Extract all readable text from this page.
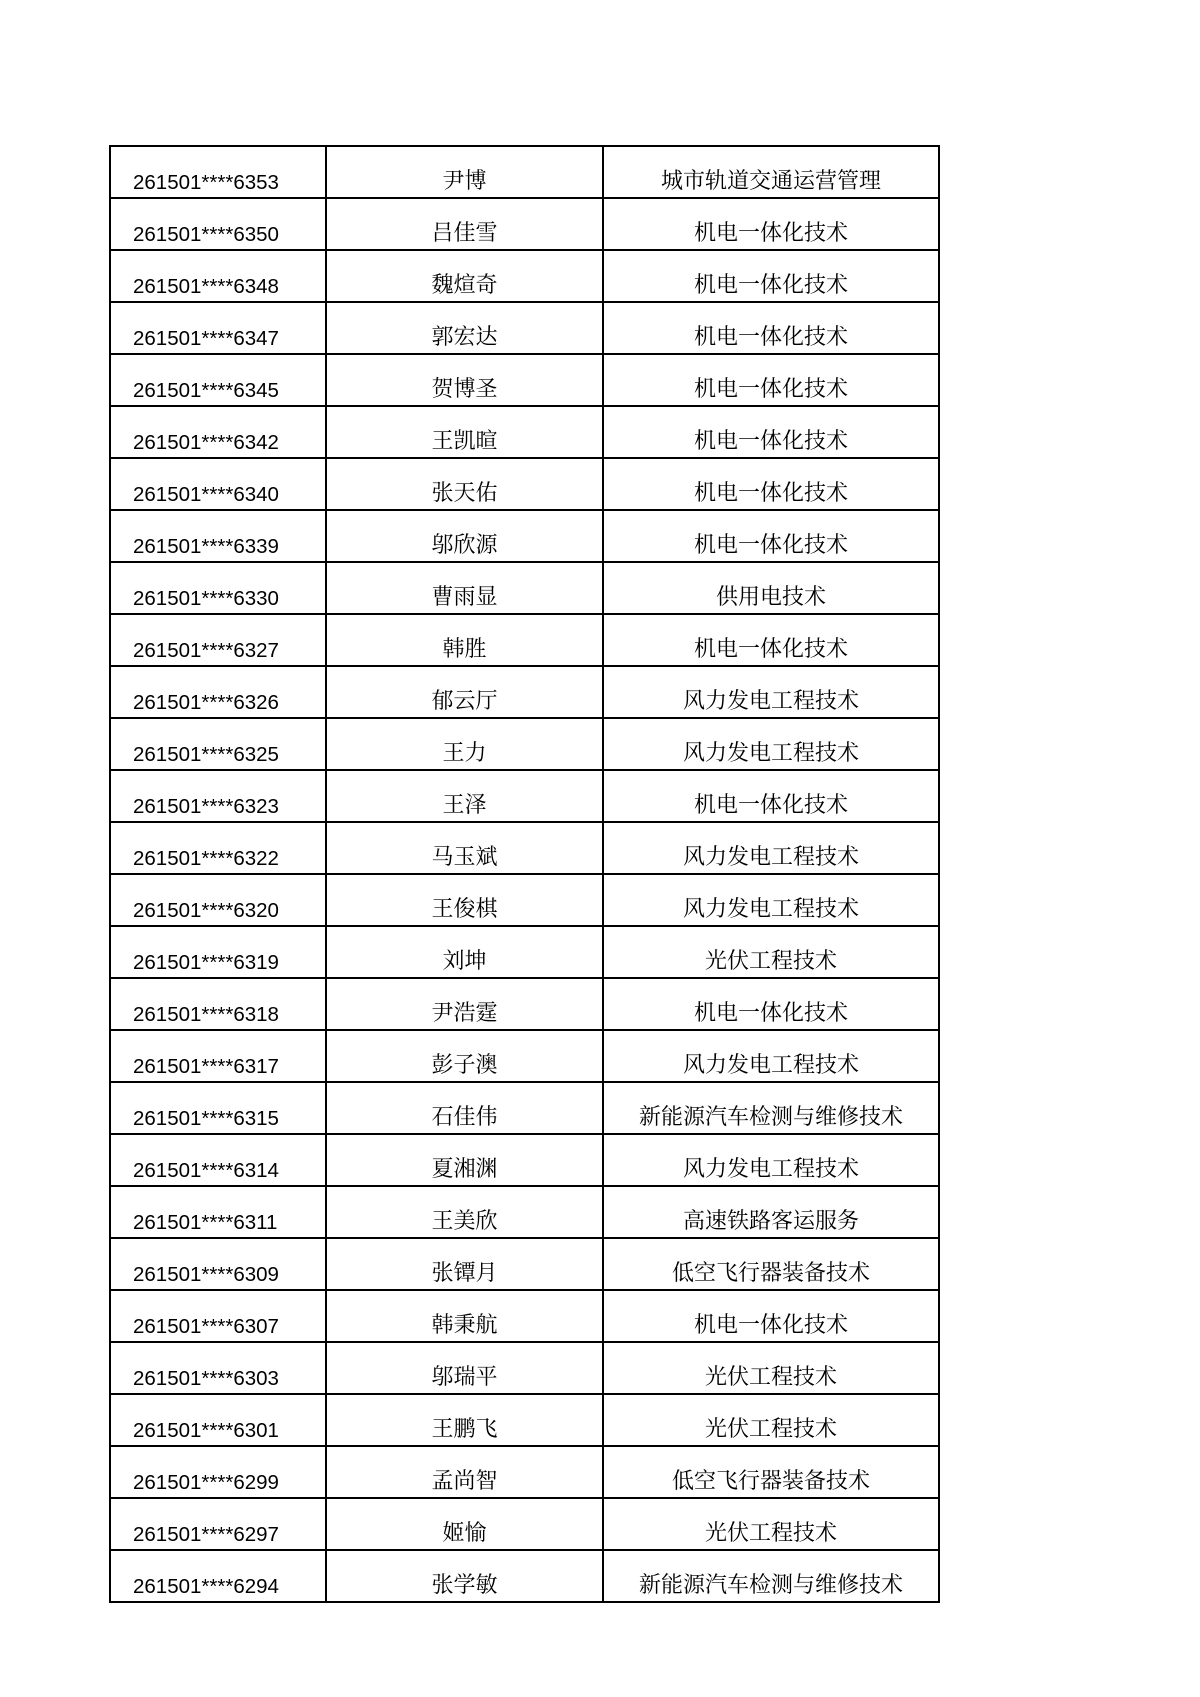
261501****6353	尹博	城市轨道交通运营管理
261501****6350	吕佳雪	机电一体化技术
261501****6348	魏煊奇	机电一体化技术
261501****6347	郭宏达	机电一体化技术
261501****6345	贺博圣	机电一体化技术
261501****6342	王凯暄	机电一体化技术
261501****6340	张天佑	机电一体化技术
261501****6339	邬欣源	机电一体化技术
261501****6330	曹雨显	供用电技术
261501****6327	韩胜	机电一体化技术
261501****6326	郁云厅	风力发电工程技术
261501****6325	王力	风力发电工程技术
261501****6323	王泽	机电一体化技术
261501****6322	马玉斌	风力发电工程技术
261501****6320	王俊棋	风力发电工程技术
261501****6319	刘坤	光伏工程技术
261501****6318	尹浩霆	机电一体化技术
261501****6317	彭子澳	风力发电工程技术
261501****6315	石佳伟	新能源汽车检测与维修技术
261501****6314	夏湘渊	风力发电工程技术
261501****6311	王美欣	高速铁路客运服务
261501****6309	张镡月	低空飞行器装备技术
261501****6307	韩秉航	机电一体化技术
261501****6303	邬瑞平	光伏工程技术
261501****6301	王鹏飞	光伏工程技术
261501****6299	孟尚智	低空飞行器装备技术
261501****6297	姬愉	光伏工程技术
261501****6294	张学敏	新能源汽车检测与维修技术
